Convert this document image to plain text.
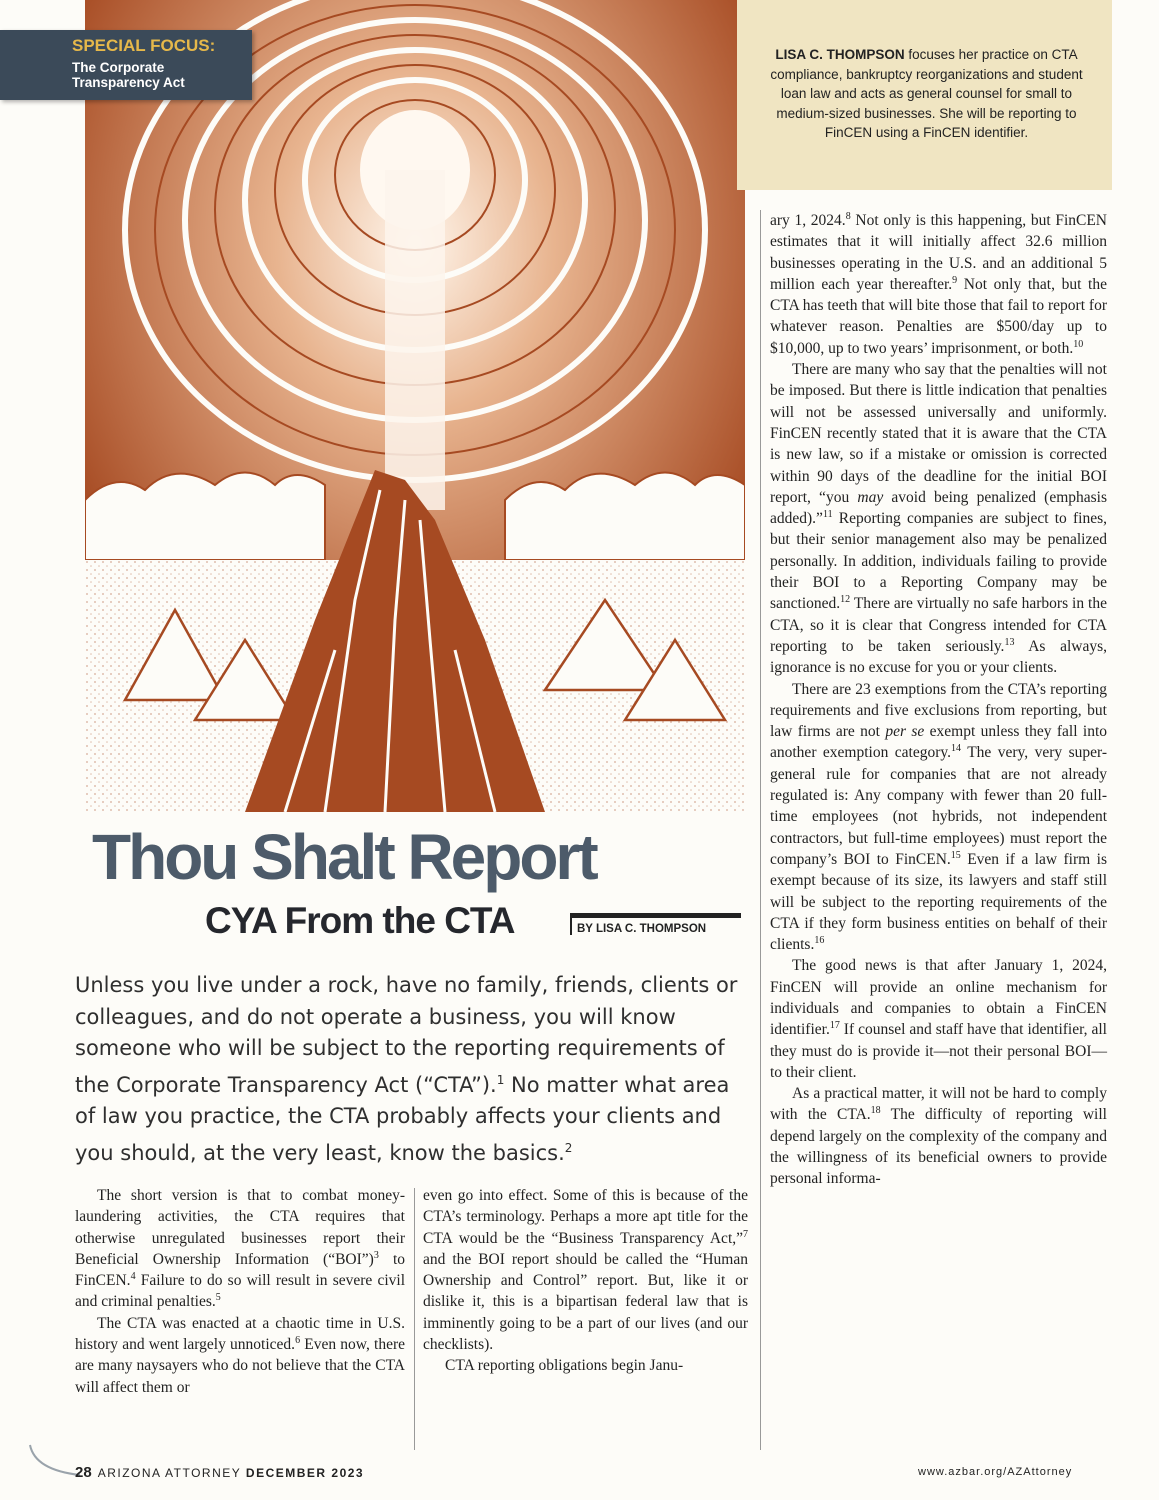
SPECIAL FOCUS:
The Corporate Transparency Act
LISA C. THOMPSON focuses her practice on CTA compliance, bankruptcy reorganizations and student loan law and acts as general counsel for small to medium-sized businesses. She will be reporting to FinCEN using a FinCEN identifier.
Thou Shalt Report
CYA From the CTA	BY LISA C. THOMPSON
Unless you live under a rock, have no family, friends, clients or colleagues, and do not operate a business, you will know someone who will be subject to the reporting requirements of the Corporate Transparency Act (“CTA”).$^1$ No matter what area of law you practice, the CTA probably affects your clients and you should, at the very least, know the basics.$^2$

The short version is that to combat money-laundering activities, the CTA requires that otherwise unregulated businesses report their Beneficial Ownership Information (“BOI”)$^3$ to FinCEN.$^4$ Failure to do so will result in severe civil and criminal penalties.$^5$

The CTA was enacted at a chaotic time in U.S. history and went largely unnoticed.$^6$ Even now, there are many naysayers who do not believe that the CTA will affect them or

even go into effect. Some of this is because of the CTA’s terminology. Perhaps a more apt title for the CTA would be the “Business Transparency Act,”$^7$ and the BOI report should be called the “Human Ownership and Control” report. But, like it or dislike it, this is a bipartisan federal law that is imminently going to be a part of our lives (and our checklists).

CTA reporting obligations begin Janu-

ary 1, 2024.$^8$ Not only is this happening, but FinCEN estimates that it will initially affect 32.6 million businesses operating in the U.S. and an additional 5 million each year thereafter.$^9$ Not only that, but the CTA has teeth that will bite those that fail to report for whatever reason. Penalties are $500/day up to $10,000, up to two years’ imprisonment, or both.$^{10}$

There are many who say that the penalties will not be imposed. But there is little indication that penalties will not be assessed universally and uniformly. FinCEN recently stated that it is aware that the CTA is new law, so if a mistake or omission is corrected within 90 days of the deadline for the initial BOI report, “you may avoid being penalized (emphasis added).”$^{11}$ Reporting companies are subject to fines, but their senior management also may be penalized personally. In addition, individuals failing to provide their BOI to a Reporting Company may be sanctioned.$^{12}$ There are virtually no safe harbors in the CTA, so it is clear that Congress intended for CTA reporting to be taken seriously.$^{13}$ As always, ignorance is no excuse for you or your clients.

There are 23 exemptions from the CTA’s reporting requirements and five exclusions from reporting, but law firms are not per se exempt unless they fall into another exemption category.$^{14}$ The very, very super-general rule for companies that are not already regulated is: Any company with fewer than 20 full-time employees (not hybrids, not independent contractors, but full-time employees) must report the company’s BOI to FinCEN.$^{15}$ Even if a law firm is exempt because of its size, its lawyers and staff still will be subject to the reporting requirements of the CTA if they form business entities on behalf of their clients.$^{16}$

The good news is that after January 1, 2024, FinCEN will provide an online mechanism for individuals and companies to obtain a FinCEN identifier.$^{17}$ If counsel and staff have that identifier, all they must do is provide it—not their personal BOI—to their client.

As a practical matter, it will not be hard to comply with the CTA.$^{18}$ The difficulty of reporting will depend largely on the complexity of the company and the willingness of its beneficial owners to provide personal informa-

28 ARIZONA ATTORNEY DECEMBER 2023	www.azbar.org/AZAttorney
